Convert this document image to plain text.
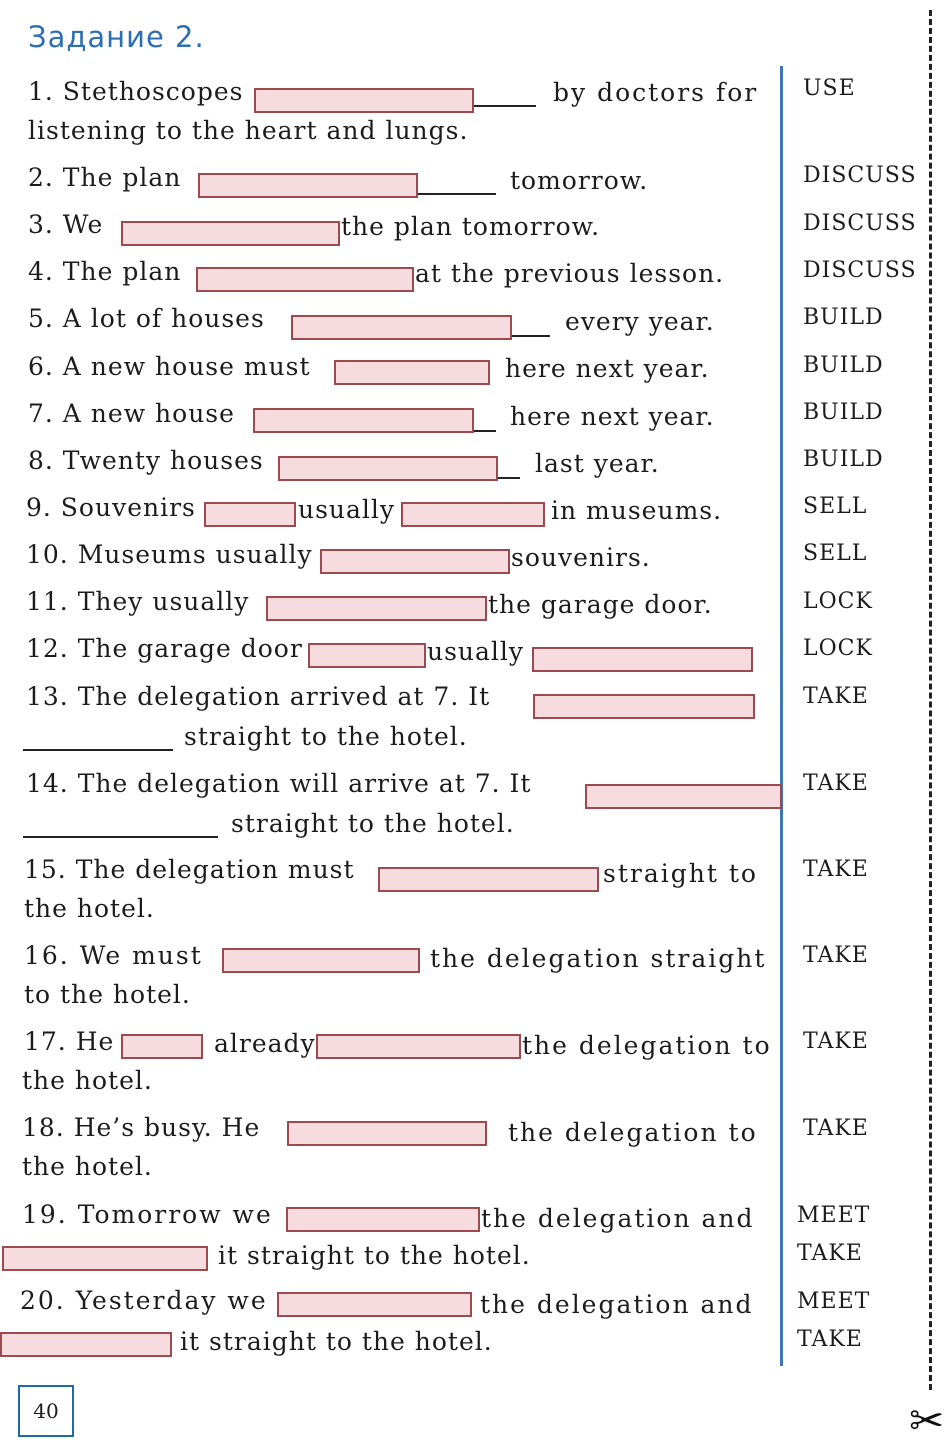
Задание 2.
✂
1. Stethoscopes	by doctors for
listening to the heart and lungs.
USE
2. The plan	tomorrow.	DISCUSS
3. We	the plan tomorrow.	DISCUSS
4. The plan	at the previous lesson.	DISCUSS
5. A lot of houses	every year.	BUILD
6. A new house must	here next year.	BUILD
7. A new house	here next year.	BUILD
8. Twenty houses	last year.	BUILD
9. Souvenirs	usually	in museums.	SELL
10. Museums usually	souvenirs.	SELL
11. They usually	the garage door.	LOCK
12. The garage door	usually	LOCK
13. The delegation arrived at 7. It
straight to the hotel.
TAKE
14. The delegation will arrive at 7. It
straight to the hotel.
TAKE
15. The delegation must	straight to
the hotel.
TAKE
16. We must	the delegation straight
to the hotel.
TAKE
17. He	already	the delegation to
the hotel.
TAKE
18. He’s busy. He	the delegation to
the hotel.
TAKE
19. Tomorrow we	the delegation and
it straight to the hotel.
MEET
TAKE
20. Yesterday we	the delegation and
it straight to the hotel.
MEET
TAKE
40
